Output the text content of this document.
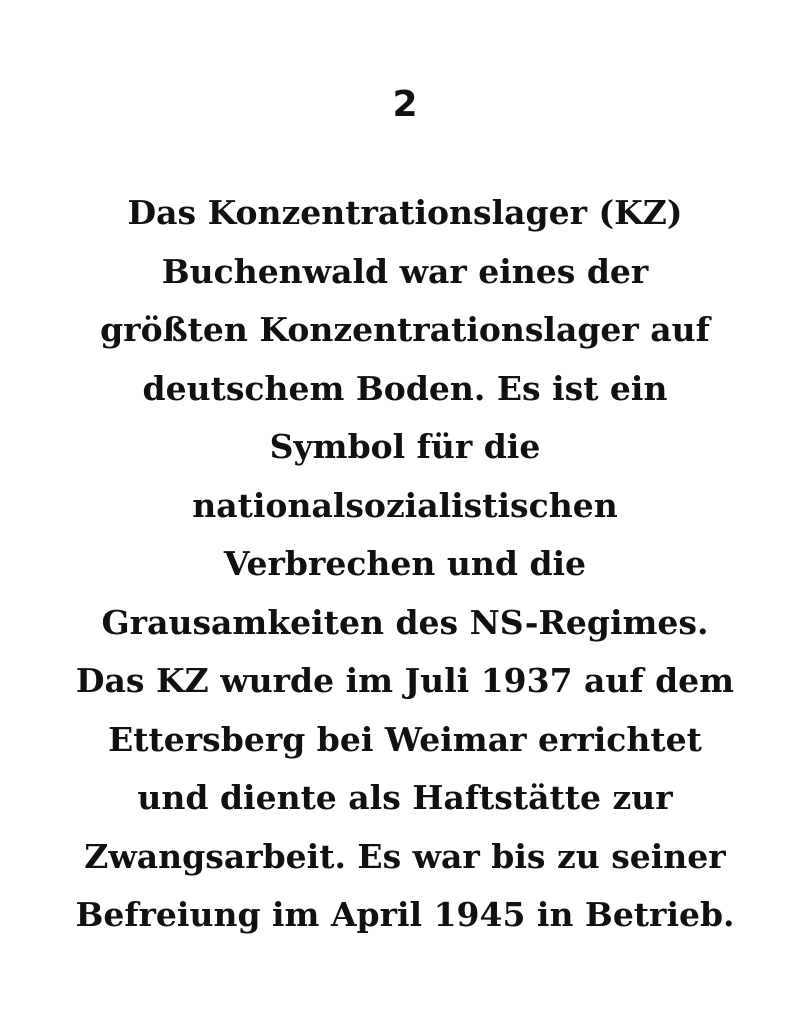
2

Das Konzentrationslager (KZ)
Buchenwald war eines der
größten Konzentrationslager auf
deutschem Boden. Es ist ein
Symbol für die
nationalsozialistischen
Verbrechen und die
Grausamkeiten des NS-Regimes.
Das KZ wurde im Juli 1937 auf dem
Ettersberg bei Weimar errichtet
und diente als Haftstätte zur
Zwangsarbeit. Es war bis zu seiner
Befreiung im April 1945 in Betrieb.
